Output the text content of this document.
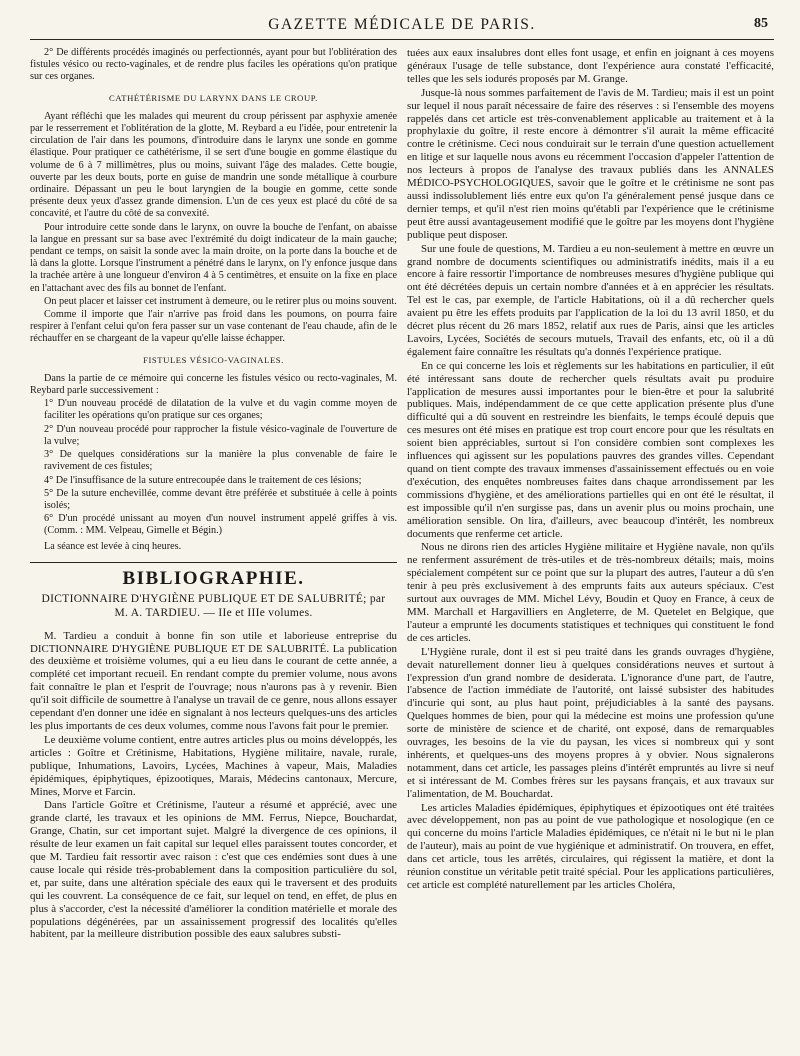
GAZETTE MÉDICALE DE PARIS.	85

2° De différents procédés imaginés ou perfectionnés, ayant pour but l'oblitération des fistules vésico ou recto-vaginales, et de rendre plus faciles les opérations qu'on pratique sur ces organes.

CATHÉTÉRISME DU LARYNX DANS LE CROUP.

Ayant réfléchi que les malades qui meurent du croup périssent par asphyxie amenée par le resserrement et l'oblitération de la glotte, M. Reybard a eu l'idée, pour entretenir la circulation de l'air dans les poumons, d'introduire dans le larynx une sonde en gomme élastique. Pour pratiquer ce cathétérisme, il se sert d'une bougie en gomme élastique du volume de 6 à 7 millimètres, plus ou moins, suivant l'âge des malades. Cette bougie, ouverte par les deux bouts, porte en guise de mandrin une sonde métallique à courbure ordinaire. Dépassant un peu le bout laryngien de la bougie en gomme, cette sonde présente deux yeux d'assez grande dimension. L'un de ces yeux est placé du côté de sa concavité, et l'autre du côté de sa convexité.

Pour introduire cette sonde dans le larynx, on ouvre la bouche de l'enfant, on abaisse la langue en pressant sur sa base avec l'extrémité du doigt indicateur de la main gauche; pendant ce temps, on saisit la sonde avec la main droite, on la porte dans la bouche et de là dans la glotte. Lorsque l'instrument a pénétré dans le larynx, on l'y enfonce jusque dans la trachée artère à une longueur d'environ 4 à 5 centimètres, et ensuite on la fixe en place en l'attachant avec des fils au bonnet de l'enfant.

On peut placer et laisser cet instrument à demeure, ou le retirer plus ou moins souvent.

Comme il importe que l'air n'arrive pas froid dans les poumons, on pourra faire respirer à l'enfant celui qu'on fera passer sur un vase contenant de l'eau chaude, afin de le réchauffer en se chargeant de la vapeur qu'elle laisse échapper.

FISTULES VÉSICO-VAGINALES.

Dans la partie de ce mémoire qui concerne les fistules vésico ou recto-vaginales, M. Reybard parle successivement :

1° D'un nouveau procédé de dilatation de la vulve et du vagin comme moyen de faciliter les opérations qu'on pratique sur ces organes;

2° D'un nouveau procédé pour rapprocher la fistule vésico-vaginale de l'ouverture de la vulve;

3° De quelques considérations sur la manière la plus convenable de faire le ravivement de ces fistules;

4° De l'insuffisance de la suture entrecoupée dans le traitement de ces lésions;

5° De la suture enchevillée, comme devant être préférée et substituée à celle à points isolés;

6° D'un procédé unissant au moyen d'un nouvel instrument appelé griffes à vis. (Comm. : MM. Velpeau, Gimelle et Bégin.)

La séance est levée à cinq heures.

BIBLIOGRAPHIE.
DICTIONNAIRE D'HYGIÈNE PUBLIQUE ET DE SALUBRITÉ; par
M. A. TARDIEU. — IIe et IIIe volumes.

M. Tardieu a conduit à bonne fin son utile et laborieuse entreprise du DICTIONNAIRE D'HYGIÈNE PUBLIQUE ET DE SALUBRITÉ. La publication des deuxième et troisième volumes, qui a eu lieu dans le courant de cette année, a complété cet important recueil. En rendant compte du premier volume, nous avons fait connaître le plan et l'esprit de l'ouvrage; nous n'aurons pas à y revenir. Bien qu'il soit difficile de soumettre à l'analyse un travail de ce genre, nous allons essayer cependant d'en donner une idée en signalant à nos lecteurs quelques-uns des articles les plus importants de ces deux volumes, comme nous l'avons fait pour le premier.

Le deuxième volume contient, entre autres articles plus ou moins développés, les articles : Goître et Crétinisme, Habitations, Hygiène militaire, navale, rurale, publique, Inhumations, Lavoirs, Lycées, Machines à vapeur, Mais, Maladies épidémiques, épiphytiques, épizootiques, Marais, Médecins cantonaux, Mercure, Mines, Morve et Farcin.

Dans l'article Goître et Crétinisme, l'auteur a résumé et apprécié, avec une grande clarté, les travaux et les opinions de MM. Ferrus, Niepce, Bouchardat, Grange, Chatin, sur cet important sujet. Malgré la divergence de ces opinions, il résulte de leur examen un fait capital sur lequel elles paraissent toutes concorder, et que M. Tardieu fait ressortir avec raison : c'est que ces endémies sont dues à une cause locale qui réside très-probablement dans la composition particulière du sol, et, par suite, dans une altération spéciale des eaux qui le traversent et des produits qui les couvrent. La conséquence de ce fait, sur lequel on tend, en effet, de plus en plus à s'accorder, c'est la nécessité d'améliorer la condition matérielle et morale des populations dégénérées, par un assainissement progressif des localités qu'elles habitent, par la meilleure distribution possible des eaux salubres substi-

tuées aux eaux insalubres dont elles font usage, et enfin en joignant à ces moyens généraux l'usage de telle substance, dont l'expérience aura constaté l'efficacité, telles que les sels iodurés proposés par M. Grange.

Jusque-là nous sommes parfaitement de l'avis de M. Tardieu; mais il est un point sur lequel il nous paraît nécessaire de faire des réserves : si l'ensemble des moyens rappelés dans cet article est très-convenablement applicable au traitement et à la prophylaxie du goître, il reste encore à démontrer s'il aurait la même efficacité contre le crétinisme. Ceci nous conduirait sur le terrain d'une question actuellement en litige et sur laquelle nous avons eu récemment l'occasion d'appeler l'attention de nos lecteurs à propos de l'analyse des travaux publiés dans les ANNALES MÉDICO-PSYCHOLOGIQUES, savoir que le goître et le crétinisme ne sont pas aussi indissolublement liés entre eux qu'on l'a généralement pensé jusque dans ce dernier temps, et qu'il n'est rien moins qu'établi par l'expérience que le crétinisme peut être aussi avantageusement modifié que le goître par les moyens dont l'hygiène publique peut disposer.

Sur une foule de questions, M. Tardieu a eu non-seulement à mettre en œuvre un grand nombre de documents scientifiques ou administratifs inédits, mais il a eu encore à faire ressortir l'importance de nombreuses mesures d'hygiène publique qui ont été décrétées depuis un certain nombre d'années et à en apprécier les résultats. Tel est le cas, par exemple, de l'article Habitations, où il a dû rechercher quels avaient pu être les effets produits par l'application de la loi du 13 avril 1850, et du décret plus récent du 26 mars 1852, relatif aux rues de Paris, ainsi que les articles Lavoirs, Lycées, Sociétés de secours mutuels, Travail des enfants, etc, où il a dû également faire connaître les résultats qu'a donnés l'expérience pratique.

En ce qui concerne les lois et règlements sur les habitations en particulier, il eût été intéressant sans doute de rechercher quels résultats avait pu produire l'application de mesures aussi importantes pour le bien-être et pour la salubrité publiques. Mais, indépendamment de ce que cette application présente plus d'une difficulté qui a dû souvent en restreindre les bienfaits, le temps écoulé depuis que ces mesures ont été mises en pratique est trop court encore pour que les résultats en soient bien appréciables, surtout si l'on considère combien sont complexes les influences qui agissent sur les populations pauvres des grandes villes. Cependant quand on tient compte des travaux immenses d'assainissement effectués ou en voie d'exécution, des enquêtes nombreuses faites dans chaque arrondissement par les commissions d'hygiène, et des améliorations partielles qui en ont été le résultat, il est impossible qu'il n'en surgisse pas, dans un avenir plus ou moins prochain, une amélioration sensible. On lira, d'ailleurs, avec beaucoup d'intérêt, les nombreux documents que renferme cet article.

Nous ne dirons rien des articles Hygiène militaire et Hygiène navale, non qu'ils ne renferment assurément de très-utiles et de très-nombreux détails; mais, moins spécialement compétent sur ce point que sur la plupart des autres, l'auteur a dû s'en tenir à peu près exclusivement à des emprunts faits aux auteurs spéciaux. C'est surtout aux ouvrages de MM. Michel Lévy, Boudin et Quoy en France, à ceux de MM. Marchall et Hargavilliers en Angleterre, de M. Quetelet en Belgique, que l'auteur a emprunté les documents statistiques et techniques qui constituent le fond de ces articles.

L'Hygiène rurale, dont il est si peu traité dans les grands ouvrages d'hygiène, devait naturellement donner lieu à quelques considérations neuves et surtout à l'expression d'un grand nombre de desiderata. L'ignorance d'une part, de l'autre, l'absence de l'action immédiate de l'autorité, ont laissé subsister des habitudes d'incurie qui sont, au plus haut point, préjudiciables à la santé des paysans. Quelques hommes de bien, pour qui la médecine est moins une profession qu'une sorte de ministère de science et de charité, ont exposé, dans de remarquables ouvrages, les besoins de la vie du paysan, les vices si nombreux qui y sont inhérents, et quelques-uns des moyens propres à y obvier. Nous signalerons notamment, dans cet article, les passages pleins d'intérêt empruntés au livre si neuf et si intéressant de M. Combes frères sur les paysans français, et aux travaux sur l'alimentation, de M. Bouchardat.

Les articles Maladies épidémiques, épiphytiques et épizootiques ont été traitées avec développement, non pas au point de vue pathologique et nosologique (en ce qui concerne du moins l'article Maladies épidémiques, ce n'était ni le but ni le plan de l'auteur), mais au point de vue hygiénique et administratif. On trouvera, en effet, dans cet article, tous les arrêtés, circulaires, qui régissent la matière, et dont la réunion constitue un véritable petit traité spécial. Pour les applications particulières, cet article est complété naturellement par les articles Choléra,
